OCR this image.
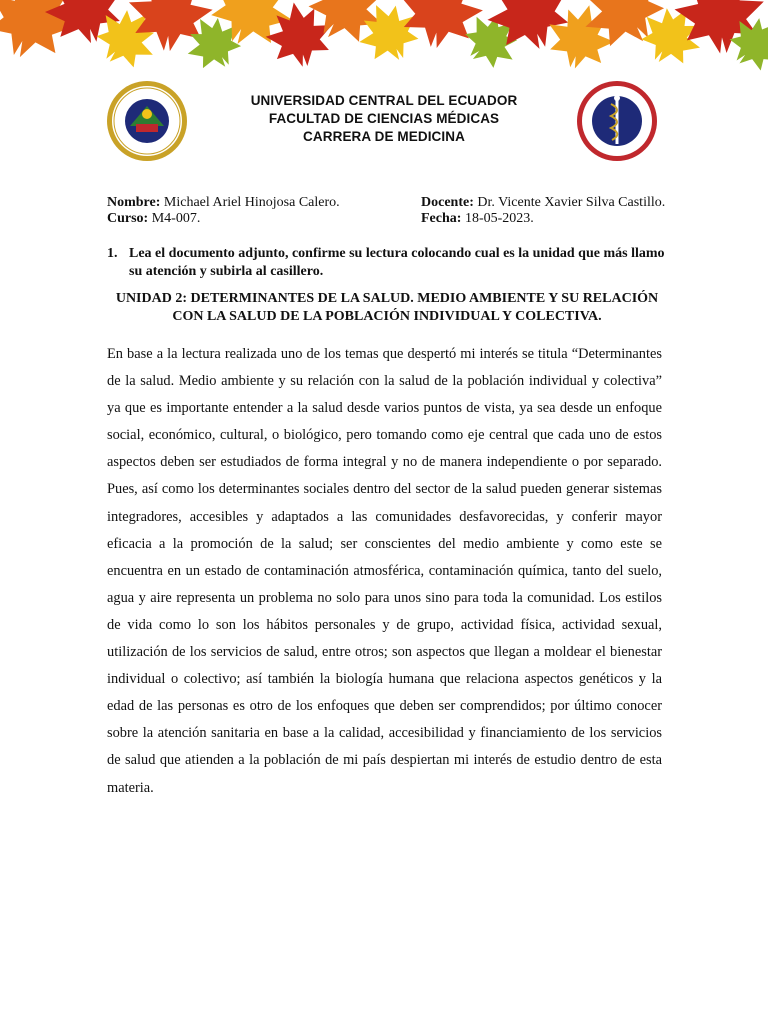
UNIVERSIDAD CENTRAL DEL ECUADOR
FACULTAD DE CIENCIAS MÉDICAS
CARRERA DE MEDICINA
Nombre: Michael Ariel Hinojosa Calero.
Curso: M4-007.
Docente: Dr. Vicente Xavier Silva Castillo.
Fecha: 18-05-2023.
1. Lea el documento adjunto, confirme su lectura colocando cual es la unidad que más llamo su atención y subirla al casillero.
UNIDAD 2: DETERMINANTES DE LA SALUD. MEDIO AMBIENTE Y SU RELACIÓN CON LA SALUD DE LA POBLACIÓN INDIVIDUAL Y COLECTIVA.
En base a la lectura realizada uno de los temas que despertó mi interés se titula “Determinantes de la salud. Medio ambiente y su relación con la salud de la población individual y colectiva” ya que es importante entender a la salud desde varios puntos de vista, ya sea desde un enfoque social, económico, cultural, o biológico, pero tomando como eje central que cada uno de estos aspectos deben ser estudiados de forma integral y no de manera independiente o por separado. Pues, así como los determinantes sociales dentro del sector de la salud pueden generar sistemas integradores, accesibles y adaptados a las comunidades desfavorecidas, y conferir mayor eficacia a la promoción de la salud; ser conscientes del medio ambiente y como este se encuentra en un estado de contaminación atmosférica, contaminación química, tanto del suelo, agua y aire representa un problema no solo para unos sino para toda la comunidad. Los estilos de vida como lo son los hábitos personales y de grupo, actividad física, actividad sexual, utilización de los servicios de salud, entre otros; son aspectos que llegan a moldear el bienestar individual o colectivo; así también la biología humana que relaciona aspectos genéticos y la edad de las personas es otro de los enfoques que deben ser comprendidos; por último conocer sobre la atención sanitaria en base a la calidad, accesibilidad y financiamiento de los servicios de salud que atienden a la población de mi país despiertan mi interés de estudio dentro de esta materia.
